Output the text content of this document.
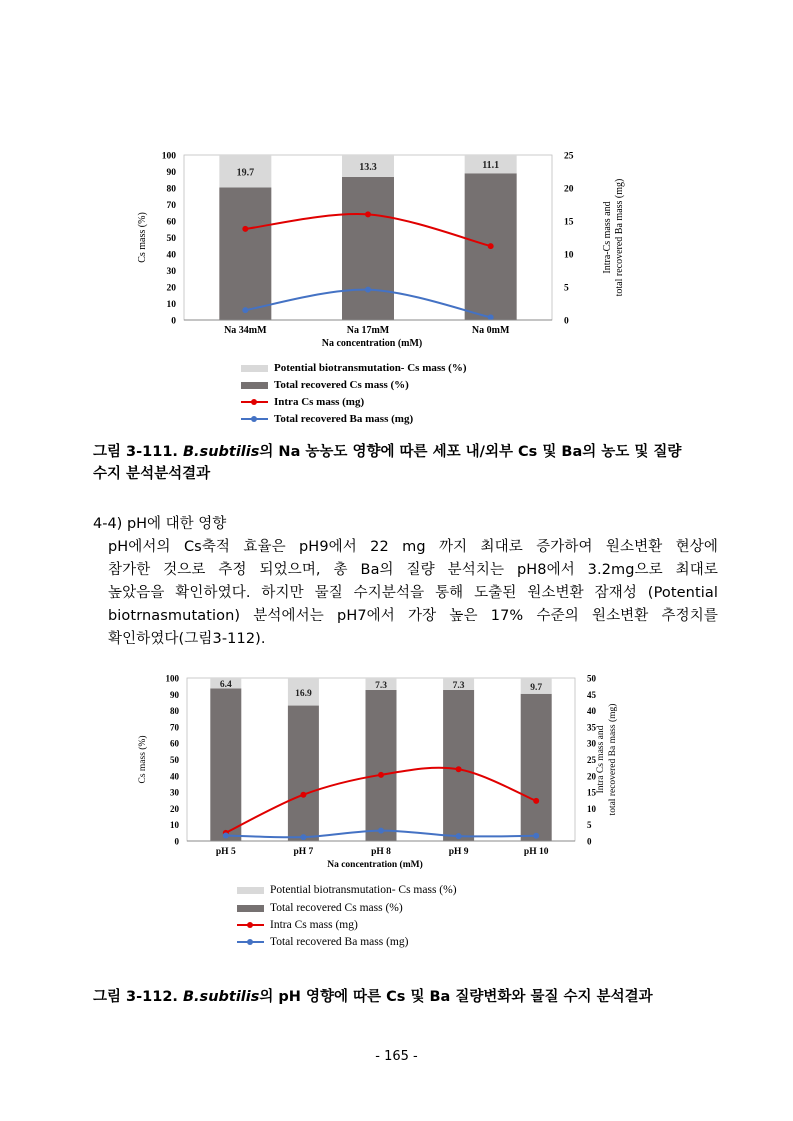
19.7	13.3	11.1
0
10
20
30
40
50
60
70
80
90
100
0
5
10
15
20
25
Na 34mM	Na 17mM	Na 0mM
Na concentration (mM)
Cs mass (%)	Intra-Cs mass and total recovered Ba mass (mg)
Potential biotransmutation- Cs mass (%)
Total recovered Cs mass (%)
Intra Cs mass (mg)
Total recovered Ba mass (mg)
그림 3-111. B.subtilis의 Na 농농도 영향에 따른 세포 내/외부 Cs 및 Ba의 농도 및 질량
수지 분석분석결과
4-4) pH에 대한 영향
pH에서의 Cs축적 효율은 pH9에서 22 mg 까지 최대로 증가하여 원소변환 현상에
참가한 것으로 추정 되었으며, 총 Ba의 질량 분석치는 pH8에서 3.2mg으로 최대로
높았음을 확인하였다. 하지만 물질 수지분석을 통해 도출된 원소변환 잠재성 (Potential
biotrnasmutation) 분석에서는 pH7에서 가장 높은 17% 수준의 원소변환 추정치를
확인하였다(그림3-112).
6.4
16.9
7.3	7.3	9.7
0
10
20
30
40
50
60
70
80
90
100
0
5
10
15
20
25
30
35
40
45
50
pH 5	pH 7	pH 8	pH 9	pH 10
Na concentration (mM)
Cs mass (%)	Intra Cs mass and total recovered Ba mass (mg)
Potential biotransmutation- Cs mass (%)
Total recovered Cs mass (%)
Intra Cs mass (mg)
Total recovered Ba mass (mg)
그림 3-112. B.subtilis의 pH 영향에 따른 Cs 및 Ba 질량변화와 물질 수지 분석결과
- 165 -
